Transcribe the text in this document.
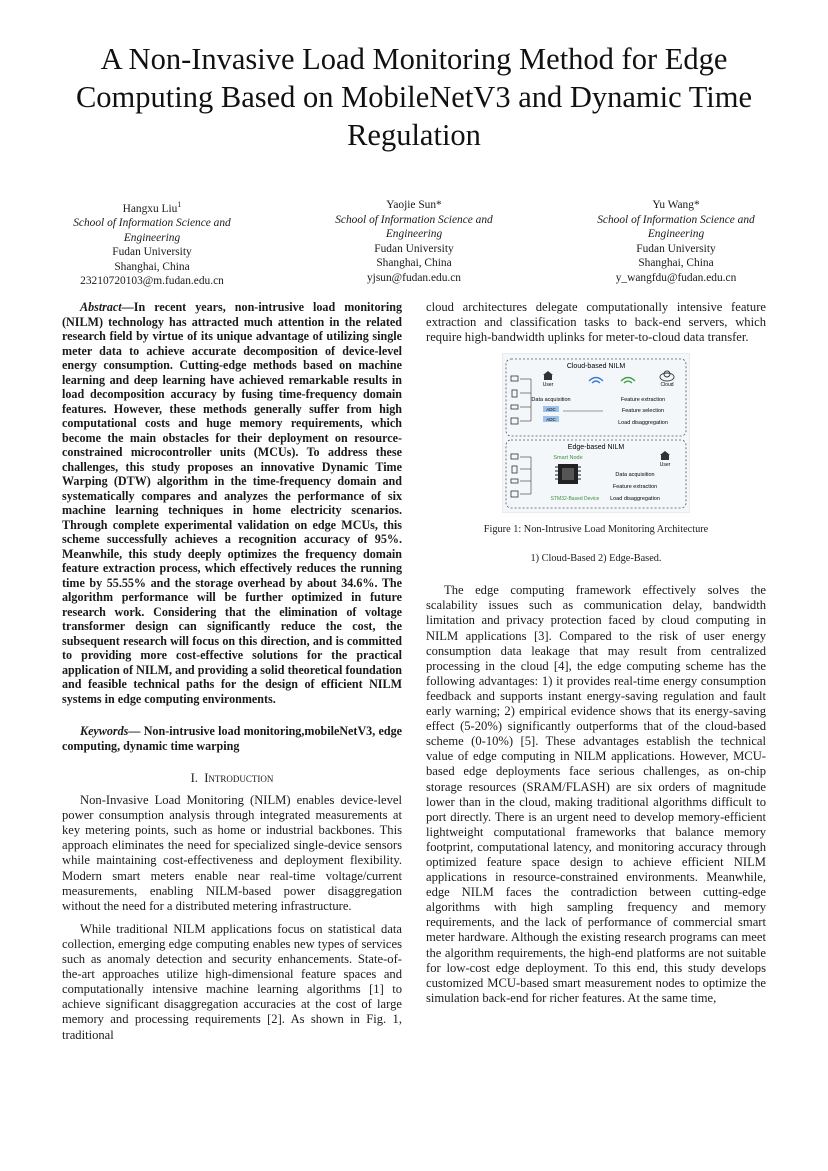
A Non-Invasive Load Monitoring Method for Edge Computing Based on MobileNetV3 and Dynamic Time Regulation
Hangxu Liu$^1$
School of Information Science and Engineering
Fudan University
Shanghai, China
23210720103@m.fudan.edu.cn
Yaojie Sun*
School of Information Science and Engineering
Fudan University
Shanghai, China
yjsun@fudan.edu.cn
Yu Wang*
School of Information Science and Engineering
Fudan University
Shanghai, China
y_wangfdu@fudan.edu.cn
Abstract—In recent years, non-intrusive load monitoring (NILM) technology has attracted much attention in the related research field by virtue of its unique advantage of utilizing single meter data to achieve accurate decomposition of device-level energy consumption. Cutting-edge methods based on machine learning and deep learning have achieved remarkable results in load decomposition accuracy by fusing time-frequency domain features. However, these methods generally suffer from high computational costs and huge memory requirements, which become the main obstacles for their deployment on resource-constrained microcontroller units (MCUs). To address these challenges, this study proposes an innovative Dynamic Time Warping (DTW) algorithm in the time-frequency domain and systematically compares and analyzes the performance of six machine learning techniques in home electricity scenarios. Through complete experimental validation on edge MCUs, this scheme successfully achieves a recognition accuracy of 95%. Meanwhile, this study deeply optimizes the frequency domain feature extraction process, which effectively reduces the running time by 55.55% and the storage overhead by about 34.6%. The algorithm performance will be further optimized in future research work. Considering that the elimination of voltage transformer design can significantly reduce the cost, the subsequent research will focus on this direction, and is committed to providing more cost-effective solutions for the practical application of NILM, and providing a solid theoretical foundation and feasible technical paths for the design of efficient NILM systems in edge computing environments.
Keywords— Non-intrusive load monitoring,mobileNetV3, edge computing, dynamic time warping
I. Introduction

Non-Invasive Load Monitoring (NILM) enables device-level power consumption analysis through integrated measurements at key metering points, such as home or industrial backbones. This approach eliminates the need for specialized single-device sensors while maintaining cost-effectiveness and deployment flexibility. Modern smart meters enable near real-time voltage/current measurements, enabling NILM-based power disaggregation without the need for a distributed metering infrastructure.

While traditional NILM applications focus on statistical data collection, emerging edge computing enables new types of services such as anomaly detection and security enhancements. State-of-the-art approaches utilize high-dimensional feature spaces and computationally intensive machine learning algorithms [1] to achieve significant disaggregation accuracies at the cost of large memory and processing requirements [2]. As shown in Fig. 1, traditional

cloud architectures delegate computationally intensive feature extraction and classification tasks to back-end servers, which require high-bandwidth uplinks for meter-to-cloud data transfer.

Cloud-based NILM
User	Cloud
Data acquisition
ADC
ADC
Feature extraction
Feature selection
Load disaggregation
Edge-based NILM
Smart Node
STM32-Based Device
User
Data acquisition
Feature extraction
Load disaggregation

Figure 1: Non-Intrusive Load Monitoring Architecture

1) Cloud-Based 2) Edge-Based.

The edge computing framework effectively solves the scalability issues such as communication delay, bandwidth limitation and privacy protection faced by cloud computing in NILM applications [3]. Compared to the risk of user energy consumption data leakage that may result from centralized processing in the cloud [4], the edge computing scheme has the following advantages: 1) it provides real-time energy consumption feedback and supports instant energy-saving regulation and fault early warning; 2) empirical evidence shows that its energy-saving effect (5-20%) significantly outperforms that of the cloud-based scheme (0-10%) [5]. These advantages establish the technical value of edge computing in NILM applications. However, MCU-based edge deployments face serious challenges, as on-chip storage resources (SRAM/FLASH) are six orders of magnitude lower than in the cloud, making traditional algorithms difficult to port directly. There is an urgent need to develop memory-efficient lightweight computational frameworks that balance memory footprint, computational latency, and monitoring accuracy through optimized feature space design to achieve efficient NILM applications in resource-constrained environments. Meanwhile, edge NILM faces the contradiction between cutting-edge algorithms with high sampling frequency and memory requirements, and the lack of performance of commercial smart meter hardware. Although the existing research programs can meet the algorithm requirements, the high-end platforms are not suitable for low-cost edge deployment. To this end, this study develops customized MCU-based smart measurement nodes to optimize the simulation back-end for richer features. At the same time,
